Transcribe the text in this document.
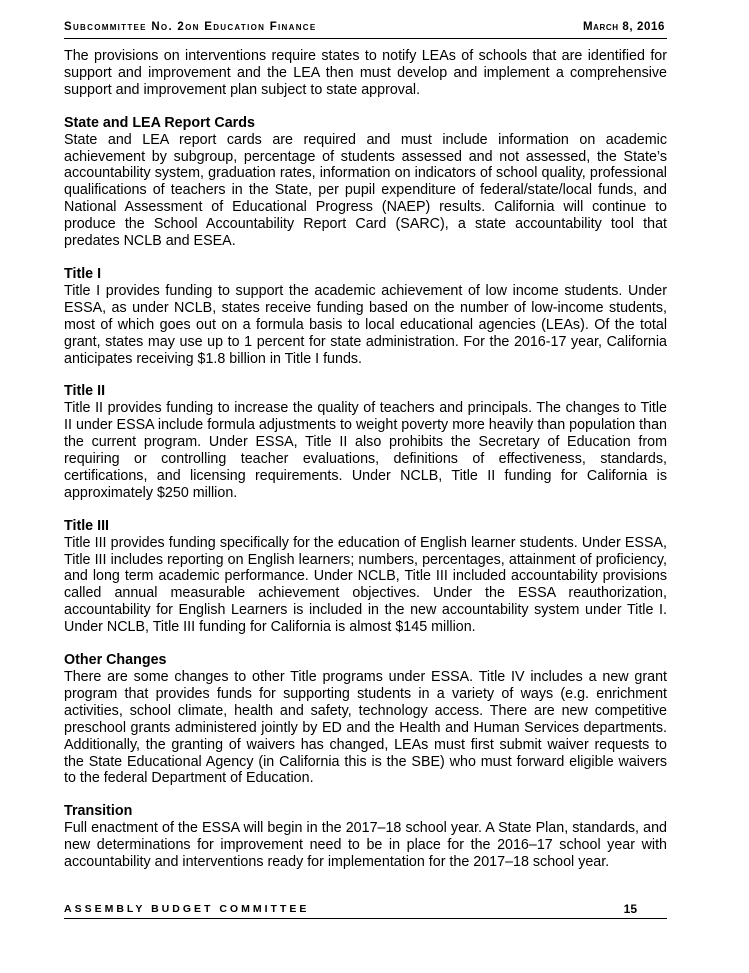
Subcommittee No. 2on Education Finance	March 8, 2016

The provisions on interventions require states to notify LEAs of schools that are identified for support and improvement and the LEA then must develop and implement a comprehensive support and improvement plan subject to state approval.

State and LEA Report Cards

State and LEA report cards are required and must include information on academic achievement by subgroup, percentage of students assessed and not assessed, the State’s accountability system, graduation rates, information on indicators of school quality, professional qualifications of teachers in the State, per pupil expenditure of federal/state/local funds, and National Assessment of Educational Progress (NAEP) results. California will continue to produce the School Accountability Report Card (SARC), a state accountability tool that predates NCLB and ESEA.

Title I

Title I provides funding to support the academic achievement of low income students. Under ESSA, as under NCLB, states receive funding based on the number of low-income students, most of which goes out on a formula basis to local educational agencies (LEAs). Of the total grant, states may use up to 1 percent for state administration. For the 2016-17 year, California anticipates receiving $1.8 billion in Title I funds.

Title II

Title II provides funding to increase the quality of teachers and principals. The changes to Title II under ESSA include formula adjustments to weight poverty more heavily than population than the current program. Under ESSA, Title II also prohibits the Secretary of Education from requiring or controlling teacher evaluations, definitions of effectiveness, standards, certifications, and licensing requirements. Under NCLB, Title II funding for California is approximately $250 million.

Title III

Title III provides funding specifically for the education of English learner students. Under ESSA, Title III includes reporting on English learners; numbers, percentages, attainment of proficiency, and long term academic performance. Under NCLB, Title III included accountability provisions called annual measurable achievement objectives. Under the ESSA reauthorization, accountability for English Learners is included in the new accountability system under Title I. Under NCLB, Title III funding for California is almost $145 million.

Other Changes

There are some changes to other Title programs under ESSA. Title IV includes a new grant program that provides funds for supporting students in a variety of ways (e.g. enrichment activities, school climate, health and safety, technology access. There are new competitive preschool grants administered jointly by ED and the Health and Human Services departments. Additionally, the granting of waivers has changed, LEAs must first submit waiver requests to the State Educational Agency (in California this is the SBE) who must forward eligible waivers to the federal Department of Education.

Transition

Full enactment of the ESSA will begin in the 2017–18 school year. A State Plan, standards, and new determinations for improvement need to be in place for the 2016–17 school year with accountability and interventions ready for implementation for the 2017–18 school year.

ASSEMBLY BUDGET COMMITTEE	15
